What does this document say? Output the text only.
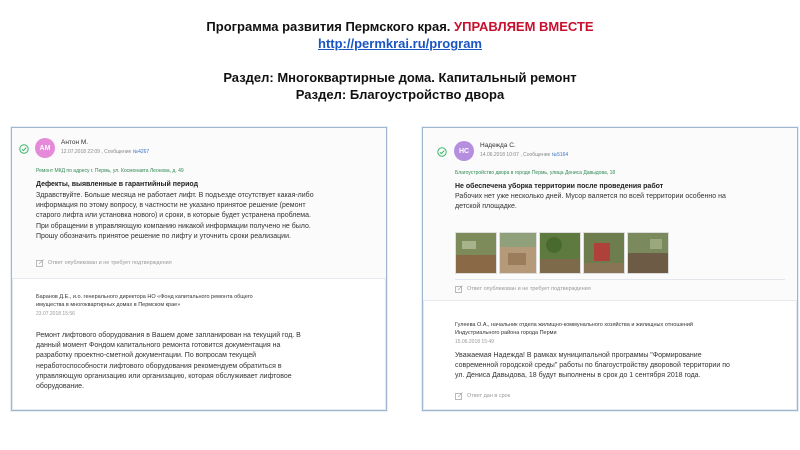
Программа развития Пермского края. УПРАВЛЯЕМ ВМЕСТЕ
http://permkrai.ru/program
Раздел: Многоквартирные дома. Капитальный ремонт
Раздел: Благоустройство двора
АМ
Антон М.
12.07.2018 22:09 , Сообщение №4267
Ремонт МКД по адресу г. Пермь, ул. Космонавта Леонова, д. 49
Дефекты, выявленные в гарантийный период
Здравствуйте. Больше месяца не работает лифт. В подъезде отсутствует какая-либо
информация по этому вопросу, в частности не указано принятое решение (ремонт
старого лифта или установка нового) и сроки, в которые будет устранена проблема.
При обращении в управляющую компанию никакой информации получено не было.
Прошу обозначить принятое решение по лифту и уточнить сроки реализации.
Ответ опубликован и не требует подтверждения
Баранов Д.Е., и.о. генерального директора НО «Фонд капитального ремонта общего
имущества в многоквартирных домах в Пермском крае»
23.07.2018 15:56
Ремонт лифтового оборудования в Вашем доме запланирован на текущий год. В
данный момент Фондом капитального ремонта готовится документация на
разработку проектно-сметной документации. По вопросам текущей
неработоспособности лифтового оборудования рекомендуем обратиться в
управляющую организацию или организацию, которая обслуживает лифтовое
оборудование.
НС
Надежда С.
14.06.2018 10:07 , Сообщение №5164
Благоустройство двора в городе Пермь, улица Дениса Давыдова, 18
Не обеспечена уборка территории после проведения работ
Рабочих нет уже несколько дней. Мусор валяется по всей территории особенно на
детской площадке.
Ответ опубликован и не требует подтверждения
Гулеева О.А., начальник отдела жилищно-коммунального хозяйства и жилищных отношений
Индустриального района города Перми
15.06.2018 15:49
Уважаемая Надежда! В рамках муниципальной программы "Формирование
современной городской среды" работы по благоустройству дворовой территории по
ул. Дениса Давыдова, 18 будут выполнены в срок до 1 сентября 2018 года.
Ответ дан в срок
